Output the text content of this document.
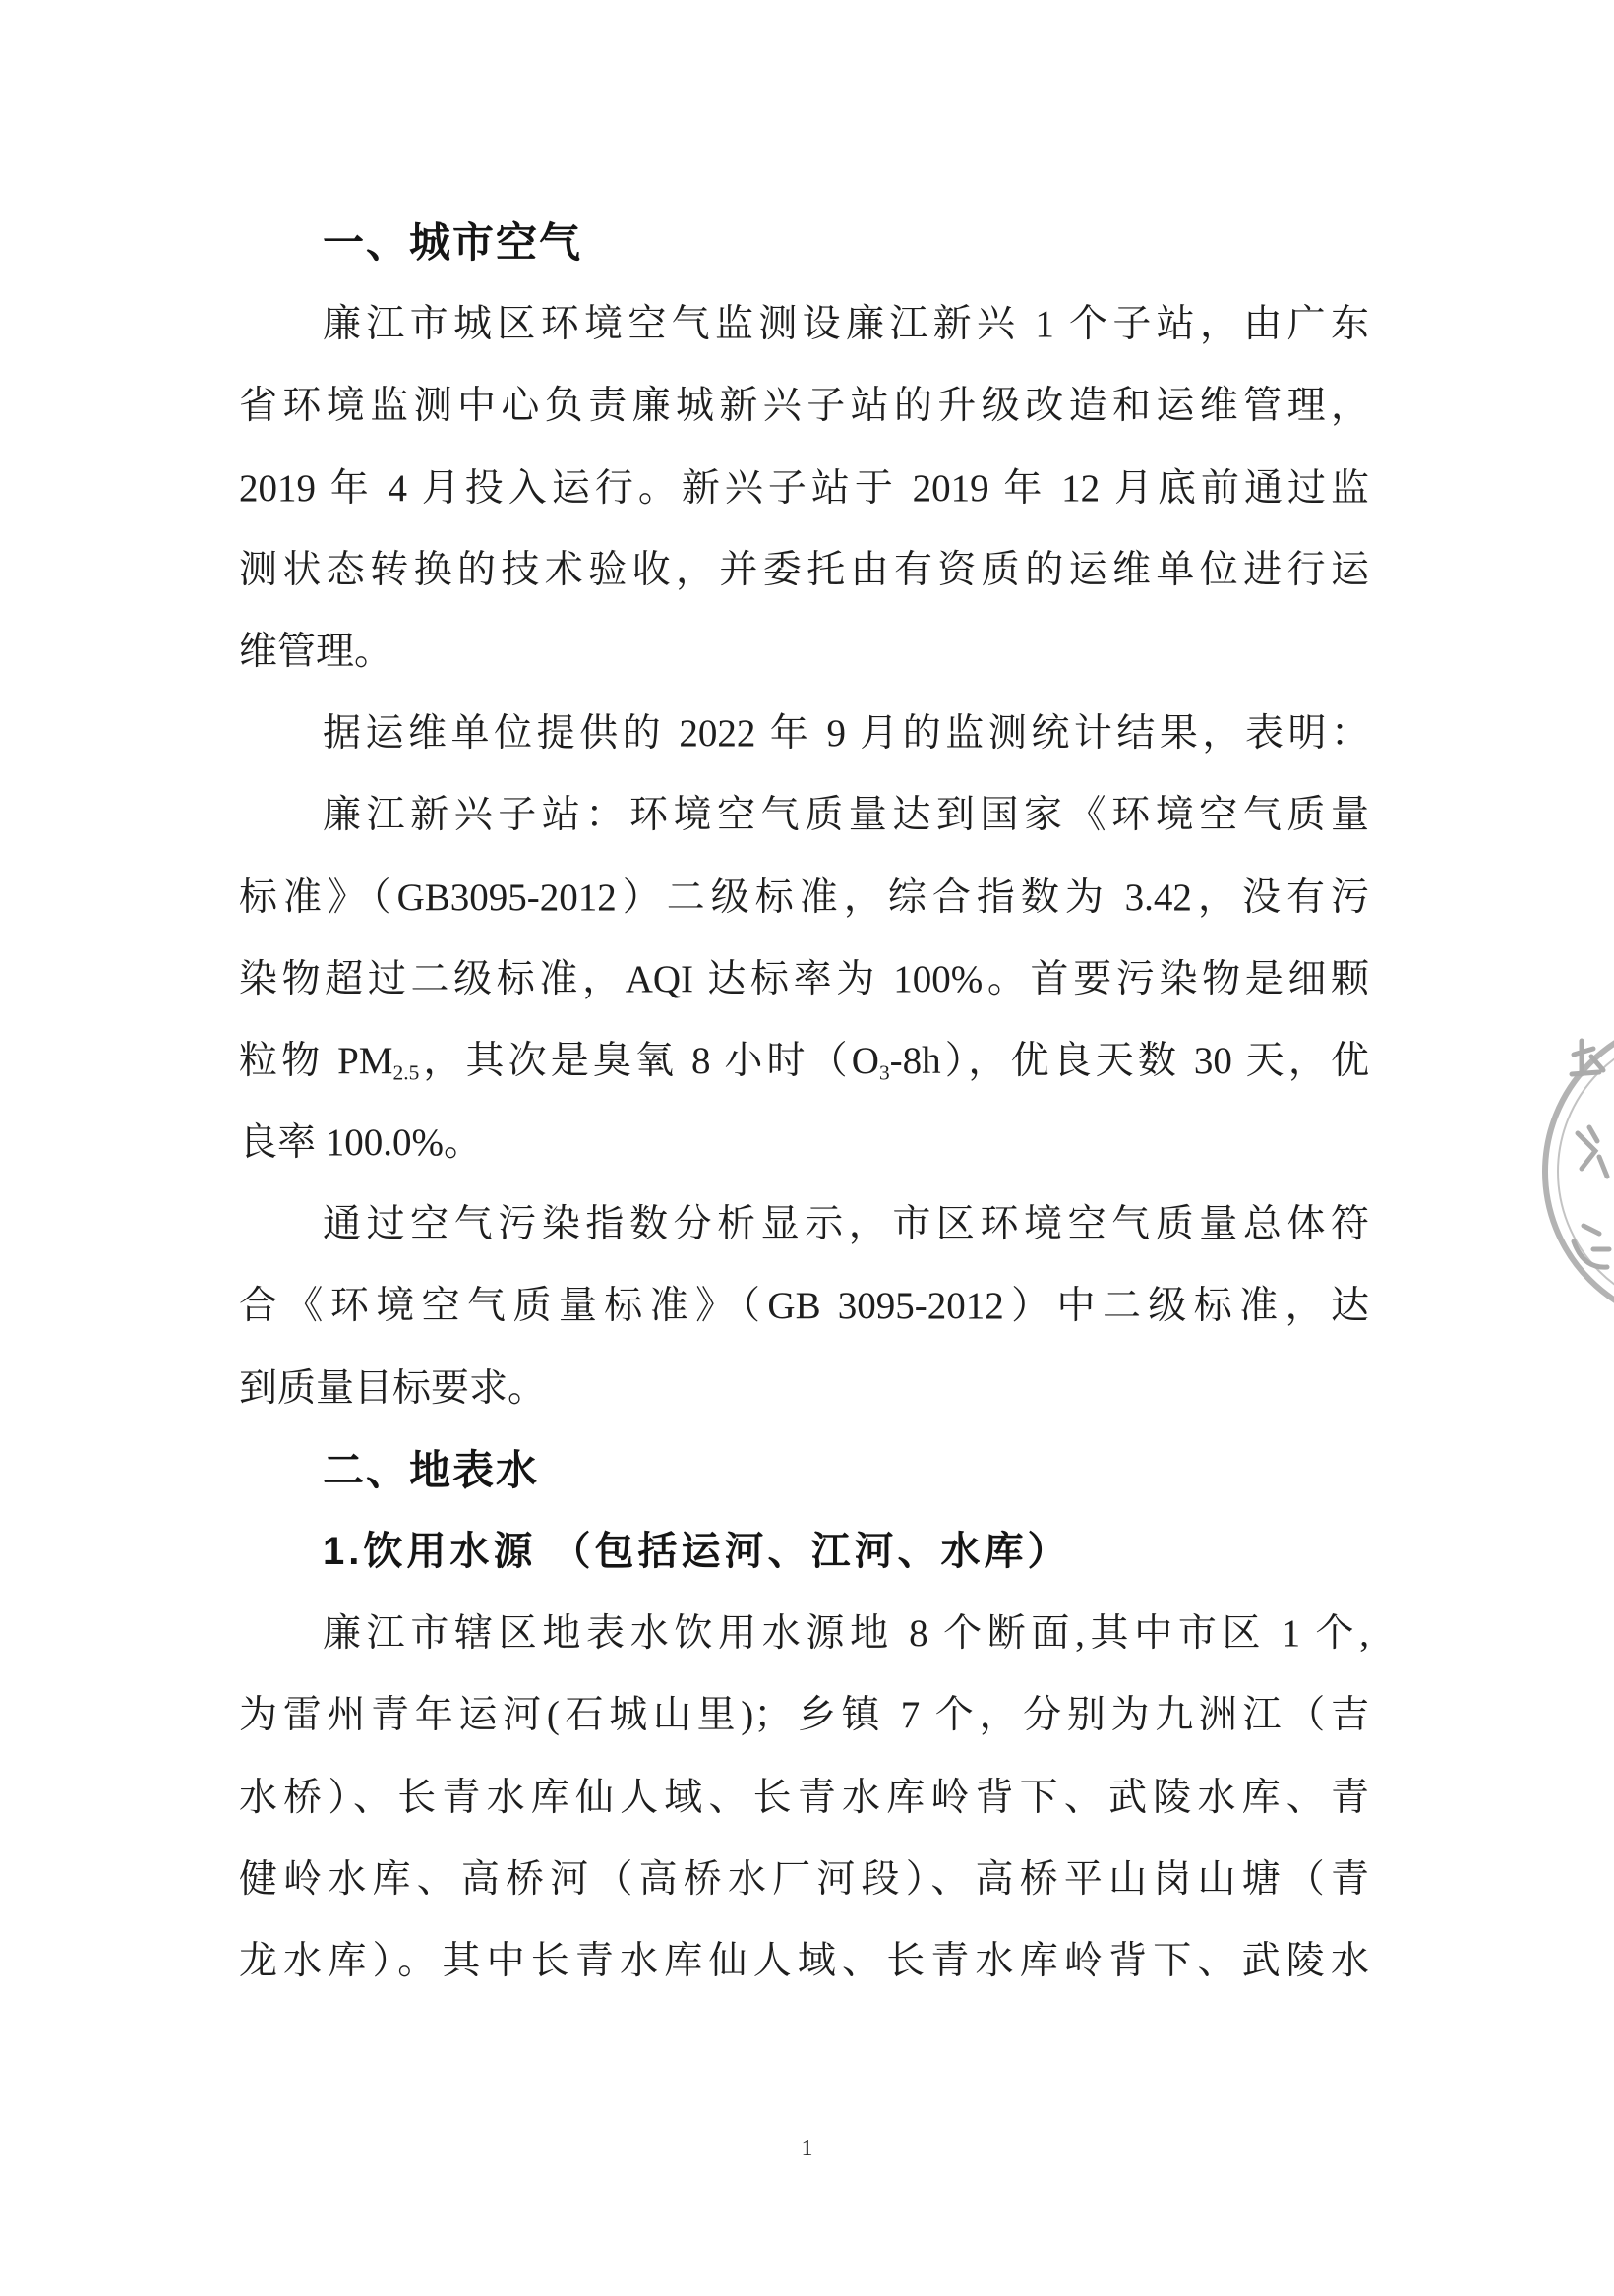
一、城市空气
廉江市城区环境空气监测设廉江新兴 1 个子站，由广东
省环境监测中心负责廉城新兴子站的升级改造和运维管理，
2019 年 4 月投入运行。新兴子站于 2019 年 12 月底前通过监
测状态转换的技术验收，并委托由有资质的运维单位进行运
维管理。
据运维单位提供的 2022 年 9 月的监测统计结果，表明：
廉江新兴子站：环境空气质量达到国家《环境空气质量
标准》（GB3095-2012）二级标准，综合指数为 3.42，没有污
染物超过二级标准，AQI 达标率为 100%。首要污染物是细颗
粒物 $PM_{2.5}$，其次是臭氧 8 小时$(O_3-8h)$，优良天数 30 天，优
良率 100.0%。
通过空气污染指数分析显示，市区环境空气质量总体符
合《环境空气质量标准》（GB 3095-2012）中二级标准，达
到质量目标要求。
二、地表水
1.饮用水源 （包括运河、江河、水库）
廉江市辖区地表水饮用水源地 8 个断面,其中市区 1 个,
为雷州青年运河(石城山里)；乡镇 7 个，分别为九洲江（吉
水桥）、长青水库仙人域、长青水库岭背下、武陵水库、青
健岭水库、高桥河（高桥水厂河段）、高桥平山岗山塘（青
龙水库）。其中长青水库仙人域、长青水库岭背下、武陵水
1
